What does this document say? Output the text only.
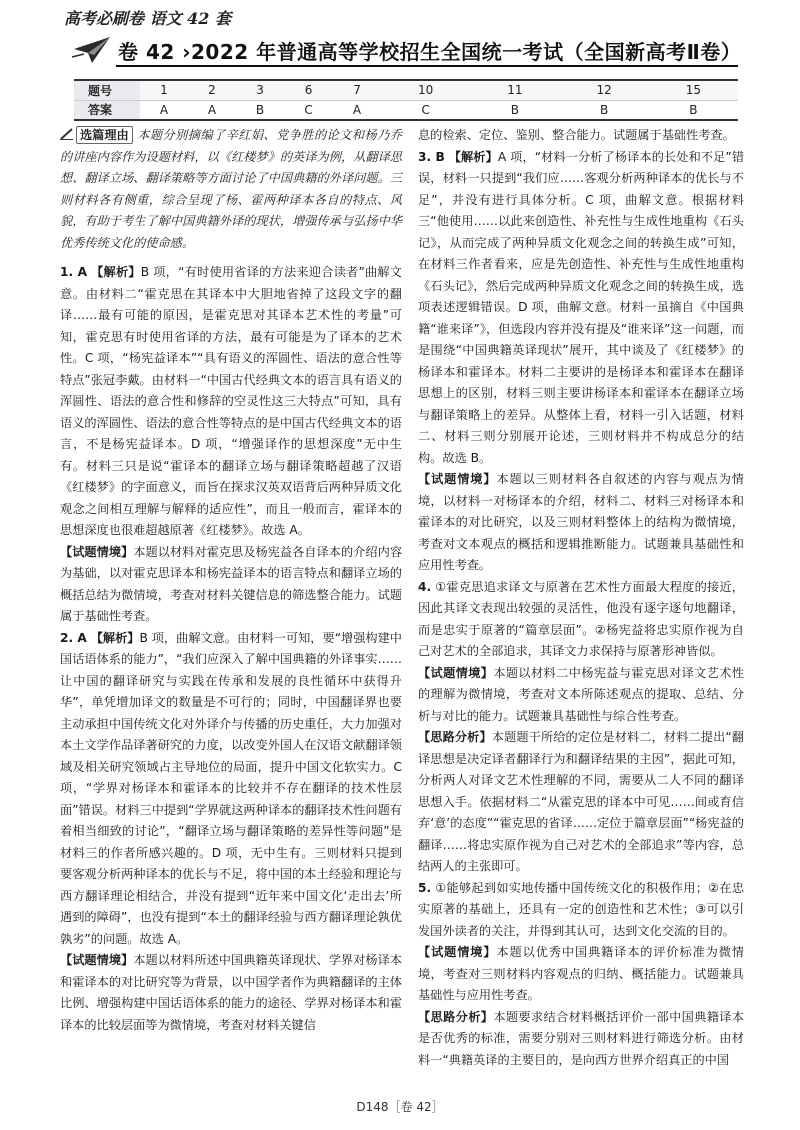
高考必刷卷 语文 42 套
卷 42 ›2022 年普通高等学校招生全国统一考试（全国新高考Ⅱ卷）
题号	1	2	3	6	7	10	11	12	15
答案	A	A	B	C	A	C	B	B	B
选篇理由 本题分别摘编了辛红娟、党争胜的论文和杨乃乔的讲座内容作为设题材料，以《红楼梦》的英译为例，从翻译思想、翻译立场、翻译策略等方面讨论了中国典籍的外译问题。三则材料各有侧重，综合呈现了杨、霍两种译本各自的特点、风貌，有助于考生了解中国典籍外译的现状，增强传承与弘扬中华优秀传统文化的使命感。
1. A 【解析】B 项，“有时使用省译的方法来迎合读者”曲解文意。由材料二“霍克思在其译本中大胆地省掉了这段文字的翻译……最有可能的原因，是霍克思对其译本艺术性的考量”可知，霍克思有时使用省译的方法，最有可能是为了译本的艺术性。C 项，“杨宪益译本”“具有语义的浑圆性、语法的意合性等特点”张冠李戴。由材料一“中国古代经典文本的语言具有语义的浑圆性、语法的意合性和修辞的空灵性这三大特点”可知，具有语义的浑圆性、语法的意合性等特点的是中国古代经典文本的语言，不是杨宪益译本。D 项，“增强译作的思想深度”无中生有。材料三只是说“霍译本的翻译立场与翻译策略超越了汉语《红楼梦》的字面意义，而旨在探求汉英双语背后两种异质文化观念之间相互理解与解释的适应性”，而且一般而言，霍译本的思想深度也很难超越原著《红楼梦》。故选 A。
【试题情境】本题以材料对霍克思及杨宪益各自译本的介绍内容为基础，以对霍克思译本和杨宪益译本的语言特点和翻译立场的概括总结为微情境，考查对材料关键信息的筛选整合能力。试题属于基础性考查。
2. A 【解析】B 项，曲解文意。由材料一可知，要“增强构建中国话语体系的能力”，“我们应深入了解中国典籍的外译事实……让中国的翻译研究与实践在传承和发展的良性循环中获得升华”，单凭增加译文的数量是不可行的；同时，中国翻译界也要主动承担中国传统文化对外译介与传播的历史重任，大力加强对本土文学作品译著研究的力度，以改变外国人在汉语文献翻译领域及相关研究领域占主导地位的局面，提升中国文化软实力。C 项，“学界对杨译本和霍译本的比较并不存在翻译的技术性层面”错误。材料三中提到“学界就这两种译本的翻译技术性问题有着相当细致的讨论”，“翻译立场与翻译策略的差异性等问题”是材料三的作者所感兴趣的。D 项，无中生有。三则材料只提到要客观分析两种译本的优长与不足，将中国的本土经验和理论与西方翻译理论相结合，并没有提到“近年来中国文化‘走出去’所遇到的障碍”，也没有提到“本土的翻译经验与西方翻译理论孰优孰劣”的问题。故选 A。
【试题情境】本题以材料所述中国典籍英译现状、学界对杨译本和霍译本的对比研究等为背景，以中国学者作为典籍翻译的主体比例、增强构建中国话语体系的能力的途径、学界对杨译本和霍译本的比较层面等为微情境，考查对材料关键信
息的检索、定位、鉴别、整合能力。试题属于基础性考查。
3. B 【解析】A 项，“材料一分析了杨译本的长处和不足”错误，材料一只提到“我们应……客观分析两种译本的优长与不足”，并没有进行具体分析。C 项，曲解文意。根据材料三“他使用……以此来创造性、补充性与生成性地重构《石头记》，从而完成了两种异质文化观念之间的转换生成”可知，在材料三作者看来，应是先创造性、补充性与生成性地重构《石头记》，然后完成两种异质文化观念之间的转换生成，选项表述逻辑错误。D 项，曲解文意。材料一虽摘自《中国典籍“谁来译”》，但选段内容并没有提及“谁来译”这一问题，而是围绕“中国典籍英译现状”展开，其中谈及了《红楼梦》的杨译本和霍译本。材料二主要讲的是杨译本和霍译本在翻译思想上的区别，材料三则主要讲杨译本和霍译本在翻译立场与翻译策略上的差异。从整体上看，材料一引入话题，材料二、材料三则分别展开论述，三则材料并不构成总分的结构。故选 B。
【试题情境】本题以三则材料各自叙述的内容与观点为情境，以材料一对杨译本的介绍，材料二、材料三对杨译本和霍译本的对比研究，以及三则材料整体上的结构为微情境，考查对文本观点的概括和逻辑推断能力。试题兼具基础性和应用性考查。
4. ①霍克思追求译文与原著在艺术性方面最大程度的接近，因此其译文表现出较强的灵活性，他没有逐字逐句地翻译，而是忠实于原著的“篇章层面”。②杨宪益将忠实原作视为自己对艺术的全部追求，其译文力求保持与原著形神皆似。
【试题情境】本题以材料二中杨宪益与霍克思对译文艺术性的理解为微情境，考查对文本所陈述观点的提取、总结、分析与对比的能力。试题兼具基础性与综合性考查。
【思路分析】本题题干所给的定位是材料二，材料二提出“翻译思想是决定译者翻译行为和翻译结果的主因”，据此可知，分析两人对译文艺术性理解的不同，需要从二人不同的翻译思想入手。依据材料二“从霍克思的译本中可见……间或育信弃‘意’的态度”“霍克思的省译……定位于篇章层面”“杨宪益的翻译……将忠实原作视为自己对艺术的全部追求”等内容，总结两人的主张即可。
5. ①能够起到如实地传播中国传统文化的积极作用；②在忠实原著的基础上，还具有一定的创造性和艺术性；③可以引发国外读者的关注，并得到其认可，达到文化交流的目的。
【试题情境】本题以优秀中国典籍译本的评价标准为微情境，考查对三则材料内容观点的归纳、概括能力。试题兼具基础性与应用性考查。
【思路分析】本题要求结合材料概括评价一部中国典籍译本是否优秀的标准，需要分别对三则材料进行筛选分析。由材料一“典籍英译的主要目的，是向西方世界介绍真正的中国
D148［卷 42］
